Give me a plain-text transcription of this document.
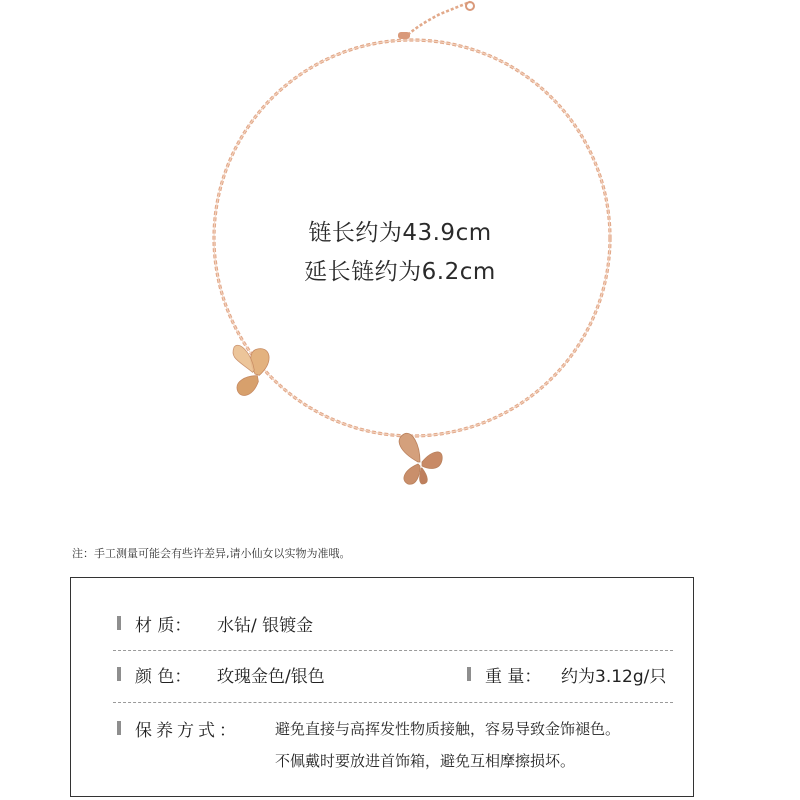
链长约为43.9cm
延长链约为6.2cm
注：手工测量可能会有些许差异,请小仙女以实物为准哦。
材 质： 水钻/ 银镀金
颜 色： 玫瑰金色/银色	重 量： 约为3.12g/只
保养方式： 避免直接与高挥发性物质接触，容易导致金饰褪色。
不佩戴时要放进首饰箱，避免互相摩擦损坏。
